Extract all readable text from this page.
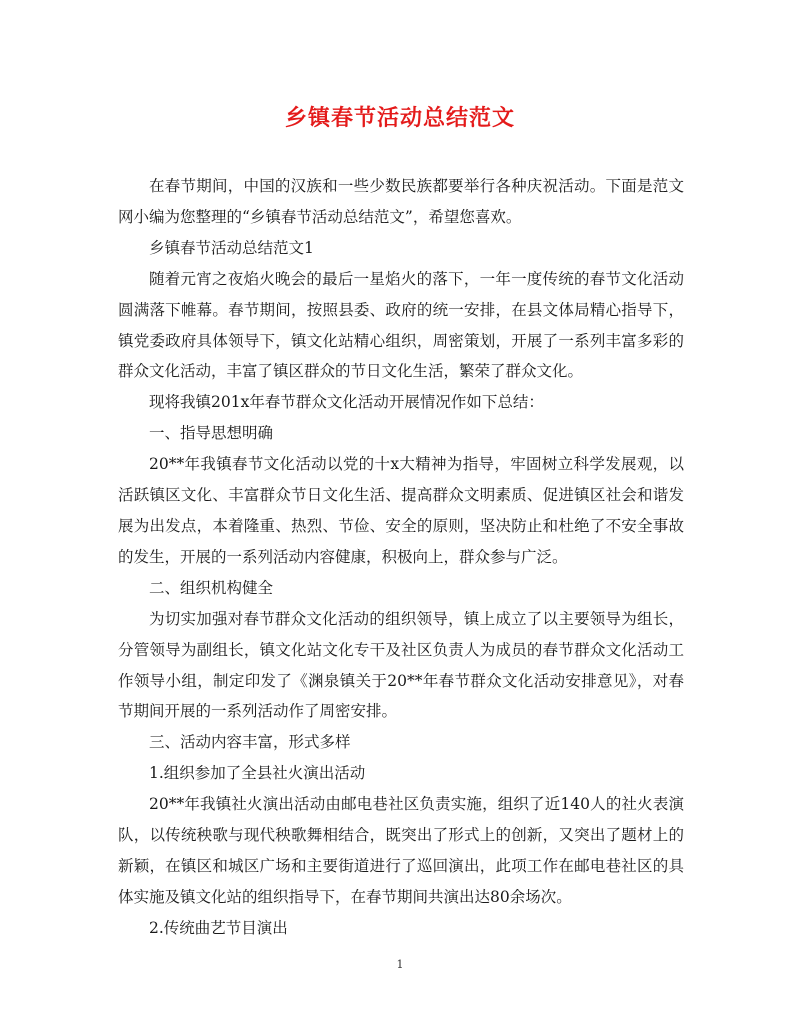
乡镇春节活动总结范文

在春节期间，中国的汉族和一些少数民族都要举行各种庆祝活动。下面是范文网小编为您整理的“乡镇春节活动总结范文”，希望您喜欢。

乡镇春节活动总结范文1

随着元宵之夜焰火晚会的最后一星焰火的落下，一年一度传统的春节文化活动圆满落下帷幕。春节期间，按照县委、政府的统一安排，在县文体局精心指导下，镇党委政府具体领导下，镇文化站精心组织，周密策划，开展了一系列丰富多彩的群众文化活动，丰富了镇区群众的节日文化生活，繁荣了群众文化。

现将我镇201x年春节群众文化活动开展情况作如下总结：

一、指导思想明确

20**年我镇春节文化活动以党的十x大精神为指导，牢固树立科学发展观，以活跃镇区文化、丰富群众节日文化生活、提高群众文明素质、促进镇区社会和谐发展为出发点，本着隆重、热烈、节俭、安全的原则，坚决防止和杜绝了不安全事故的发生，开展的一系列活动内容健康，积极向上，群众参与广泛。

二、组织机构健全

为切实加强对春节群众文化活动的组织领导，镇上成立了以主要领导为组长，分管领导为副组长，镇文化站文化专干及社区负责人为成员的春节群众文化活动工作领导小组，制定印发了《渊泉镇关于20**年春节群众文化活动安排意见》，对春节期间开展的一系列活动作了周密安排。

三、活动内容丰富，形式多样

1.组织参加了全县社火演出活动

20**年我镇社火演出活动由邮电巷社区负责实施，组织了近140人的社火表演队，以传统秧歌与现代秧歌舞相结合，既突出了形式上的创新，又突出了题材上的新颖，在镇区和城区广场和主要街道进行了巡回演出，此项工作在邮电巷社区的具体实施及镇文化站的组织指导下，在春节期间共演出达80余场次。

2.传统曲艺节目演出

1
